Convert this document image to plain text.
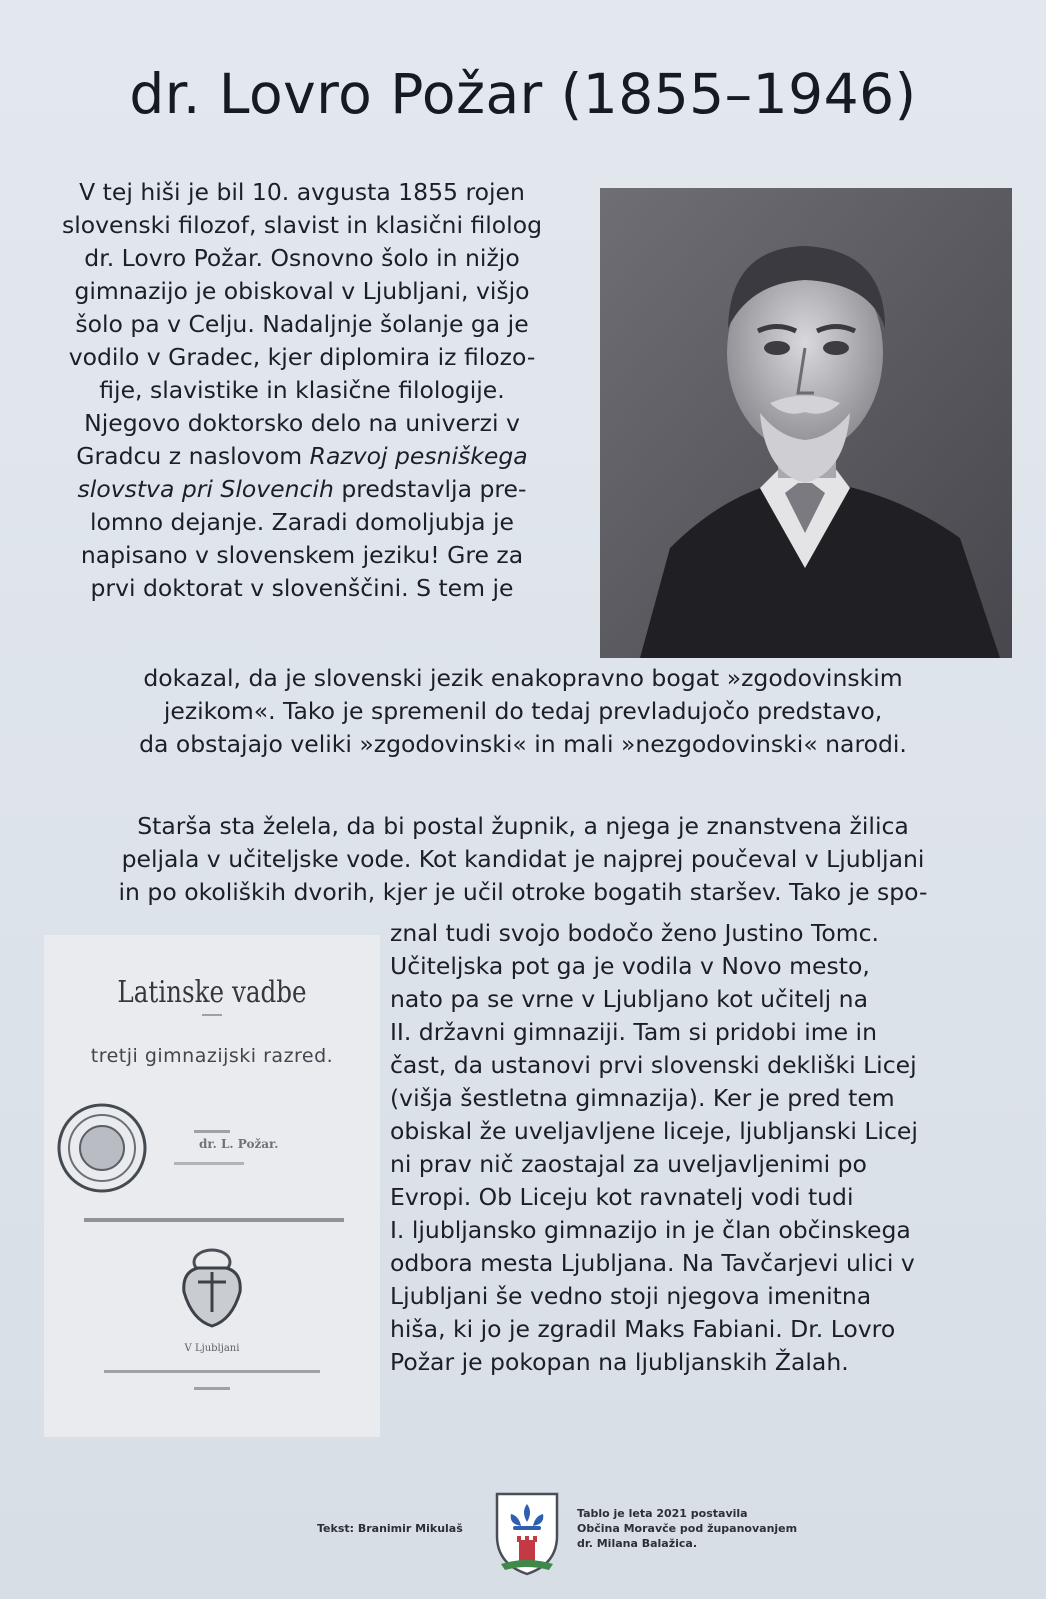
dr. Lovro Požar (1855–1946)

V tej hiši je bil 10. avgusta 1855 rojen
slovenski filozof, slavist in klasični filolog
dr. Lovro Požar. Osnovno šolo in nižjo
gimnazijo je obiskoval v Ljubljani, višjo
šolo pa v Celju. Nadaljnje šolanje ga je
vodilo v Gradec, kjer diplomira iz filozo-
fije, slavistike in klasične filologije.
Njegovo doktorsko delo na univerzi v
Gradcu z naslovom Razvoj pesniškega
slovstva pri Slovencih predstavlja pre-
lomno dejanje. Zaradi domoljubja je
napisano v slovenskem jeziku! Gre za
prvi doktorat v slovenščini. S tem je

dokazal, da je slovenski jezik enakopravno bogat »zgodovinskim
jezikom«. Tako je spremenil do tedaj prevladujočo predstavo,
da obstajajo veliki »zgodovinski« in mali »nezgodovinski« narodi.

Starša sta želela, da bi postal župnik, a njega je znanstvena žilica
peljala v učiteljske vode. Kot kandidat je najprej poučeval v Ljubljani
in po okoliških dvorih, kjer je učil otroke bogatih staršev. Tako je spo-

Latinske vadbe
tretji gimnazijski razred.
dr. L. Požar.
V Ljubljani

znal tudi svojo bodočo ženo Justino Tomc.
Učiteljska pot ga je vodila v Novo mesto,
nato pa se vrne v Ljubljano kot učitelj na
II. državni gimnaziji. Tam si pridobi ime in
čast, da ustanovi prvi slovenski dekliški Licej
(višja šestletna gimnazija). Ker je pred tem
obiskal že uveljavljene liceje, ljubljanski Licej
ni prav nič zaostajal za uveljavljenimi po
Evropi. Ob Liceju kot ravnatelj vodi tudi
I. ljubljansko gimnazijo in je član občinskega
odbora mesta Ljubljana. Na Tavčarjevi ulici v
Ljubljani še vedno stoji njegova imenitna
hiša, ki jo je zgradil Maks Fabiani. Dr. Lovro
Požar je pokopan na ljubljanskih Žalah.

Tekst: Branimir Mikulaš
Tablo je leta 2021 postavila
Občina Moravče pod županovanjem
dr. Milana Balažica.
